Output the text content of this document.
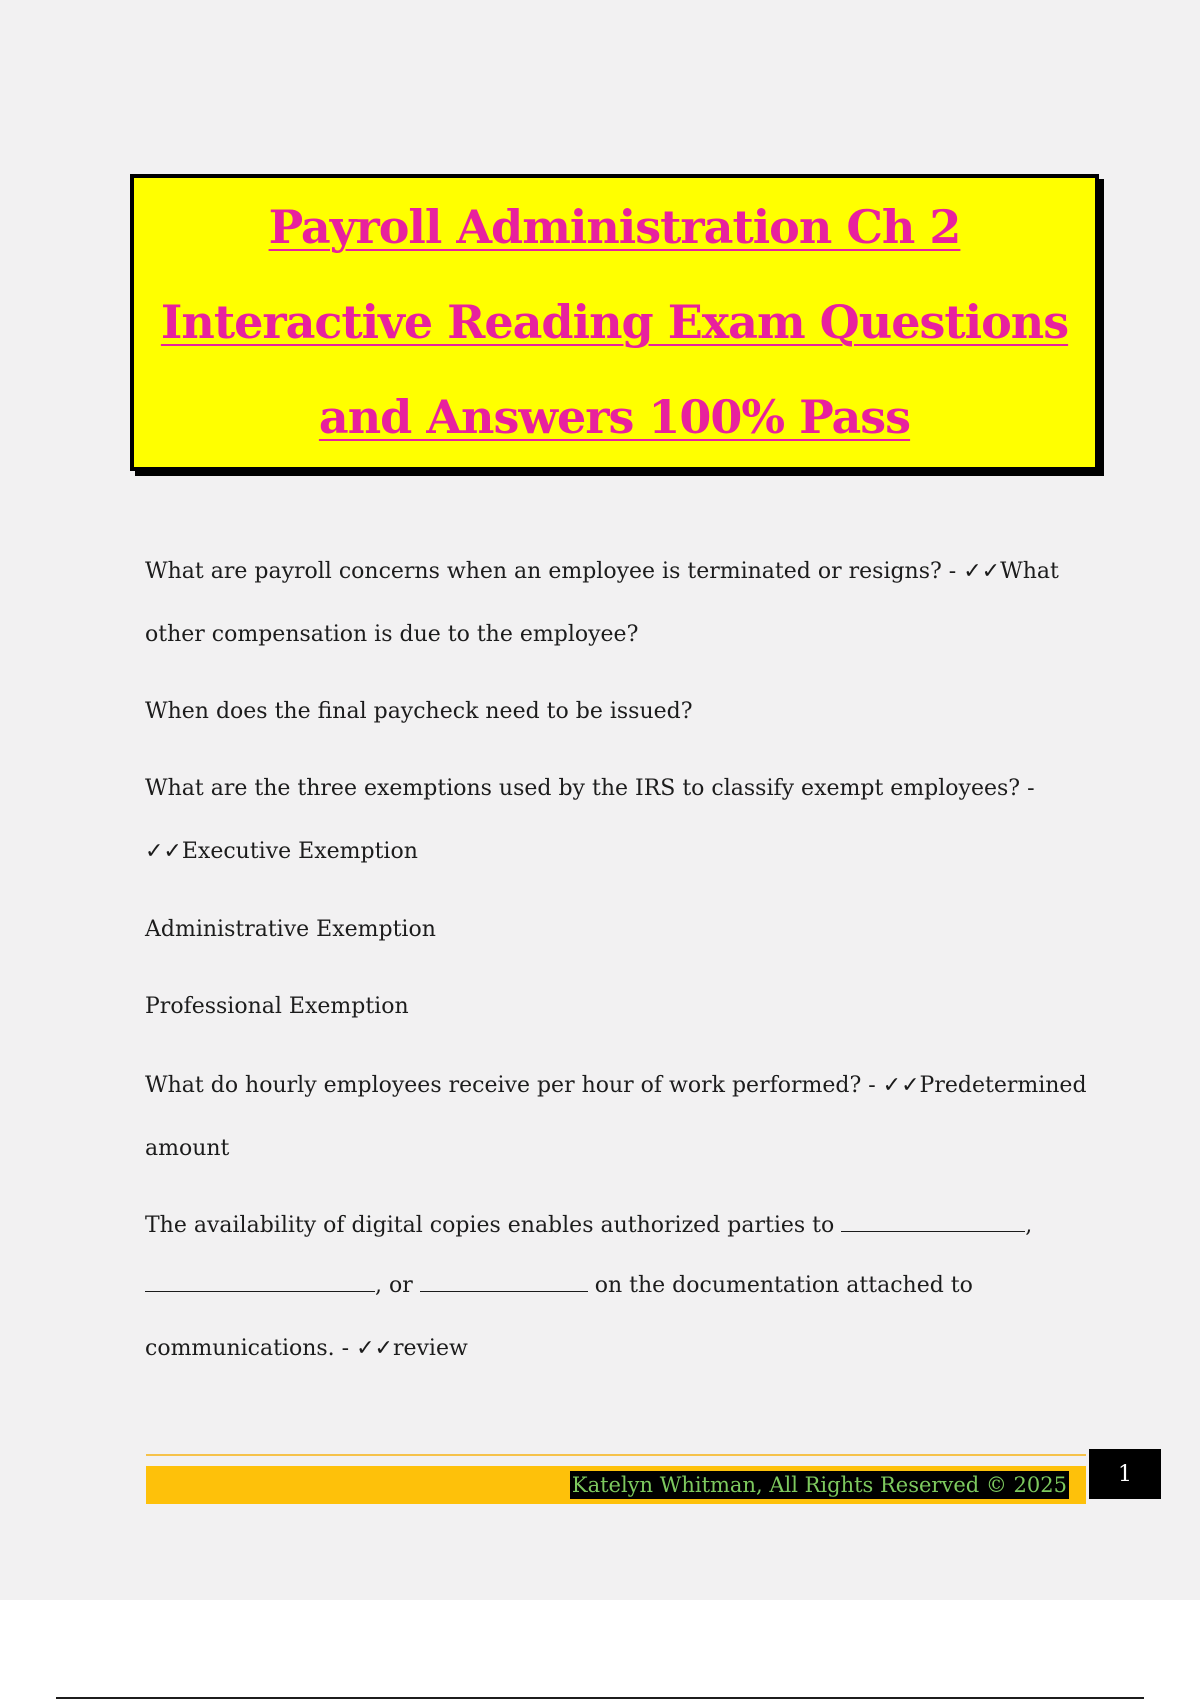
Payroll Administration Ch 2
Interactive Reading Exam Questions
and Answers 100% Pass
What are payroll concerns when an employee is terminated or resigns? - ✓✓What
other compensation is due to the employee?
When does the final paycheck need to be issued?
What are the three exemptions used by the IRS to classify exempt employees? -
✓✓Executive Exemption
Administrative Exemption
Professional Exemption
What do hourly employees receive per hour of work performed? - ✓✓Predetermined
amount
The availability of digital copies enables authorized parties to	,
, or	on the documentation attached to
communications. - ✓✓review
Katelyn Whitman, All Rights Reserved © 2025	1
